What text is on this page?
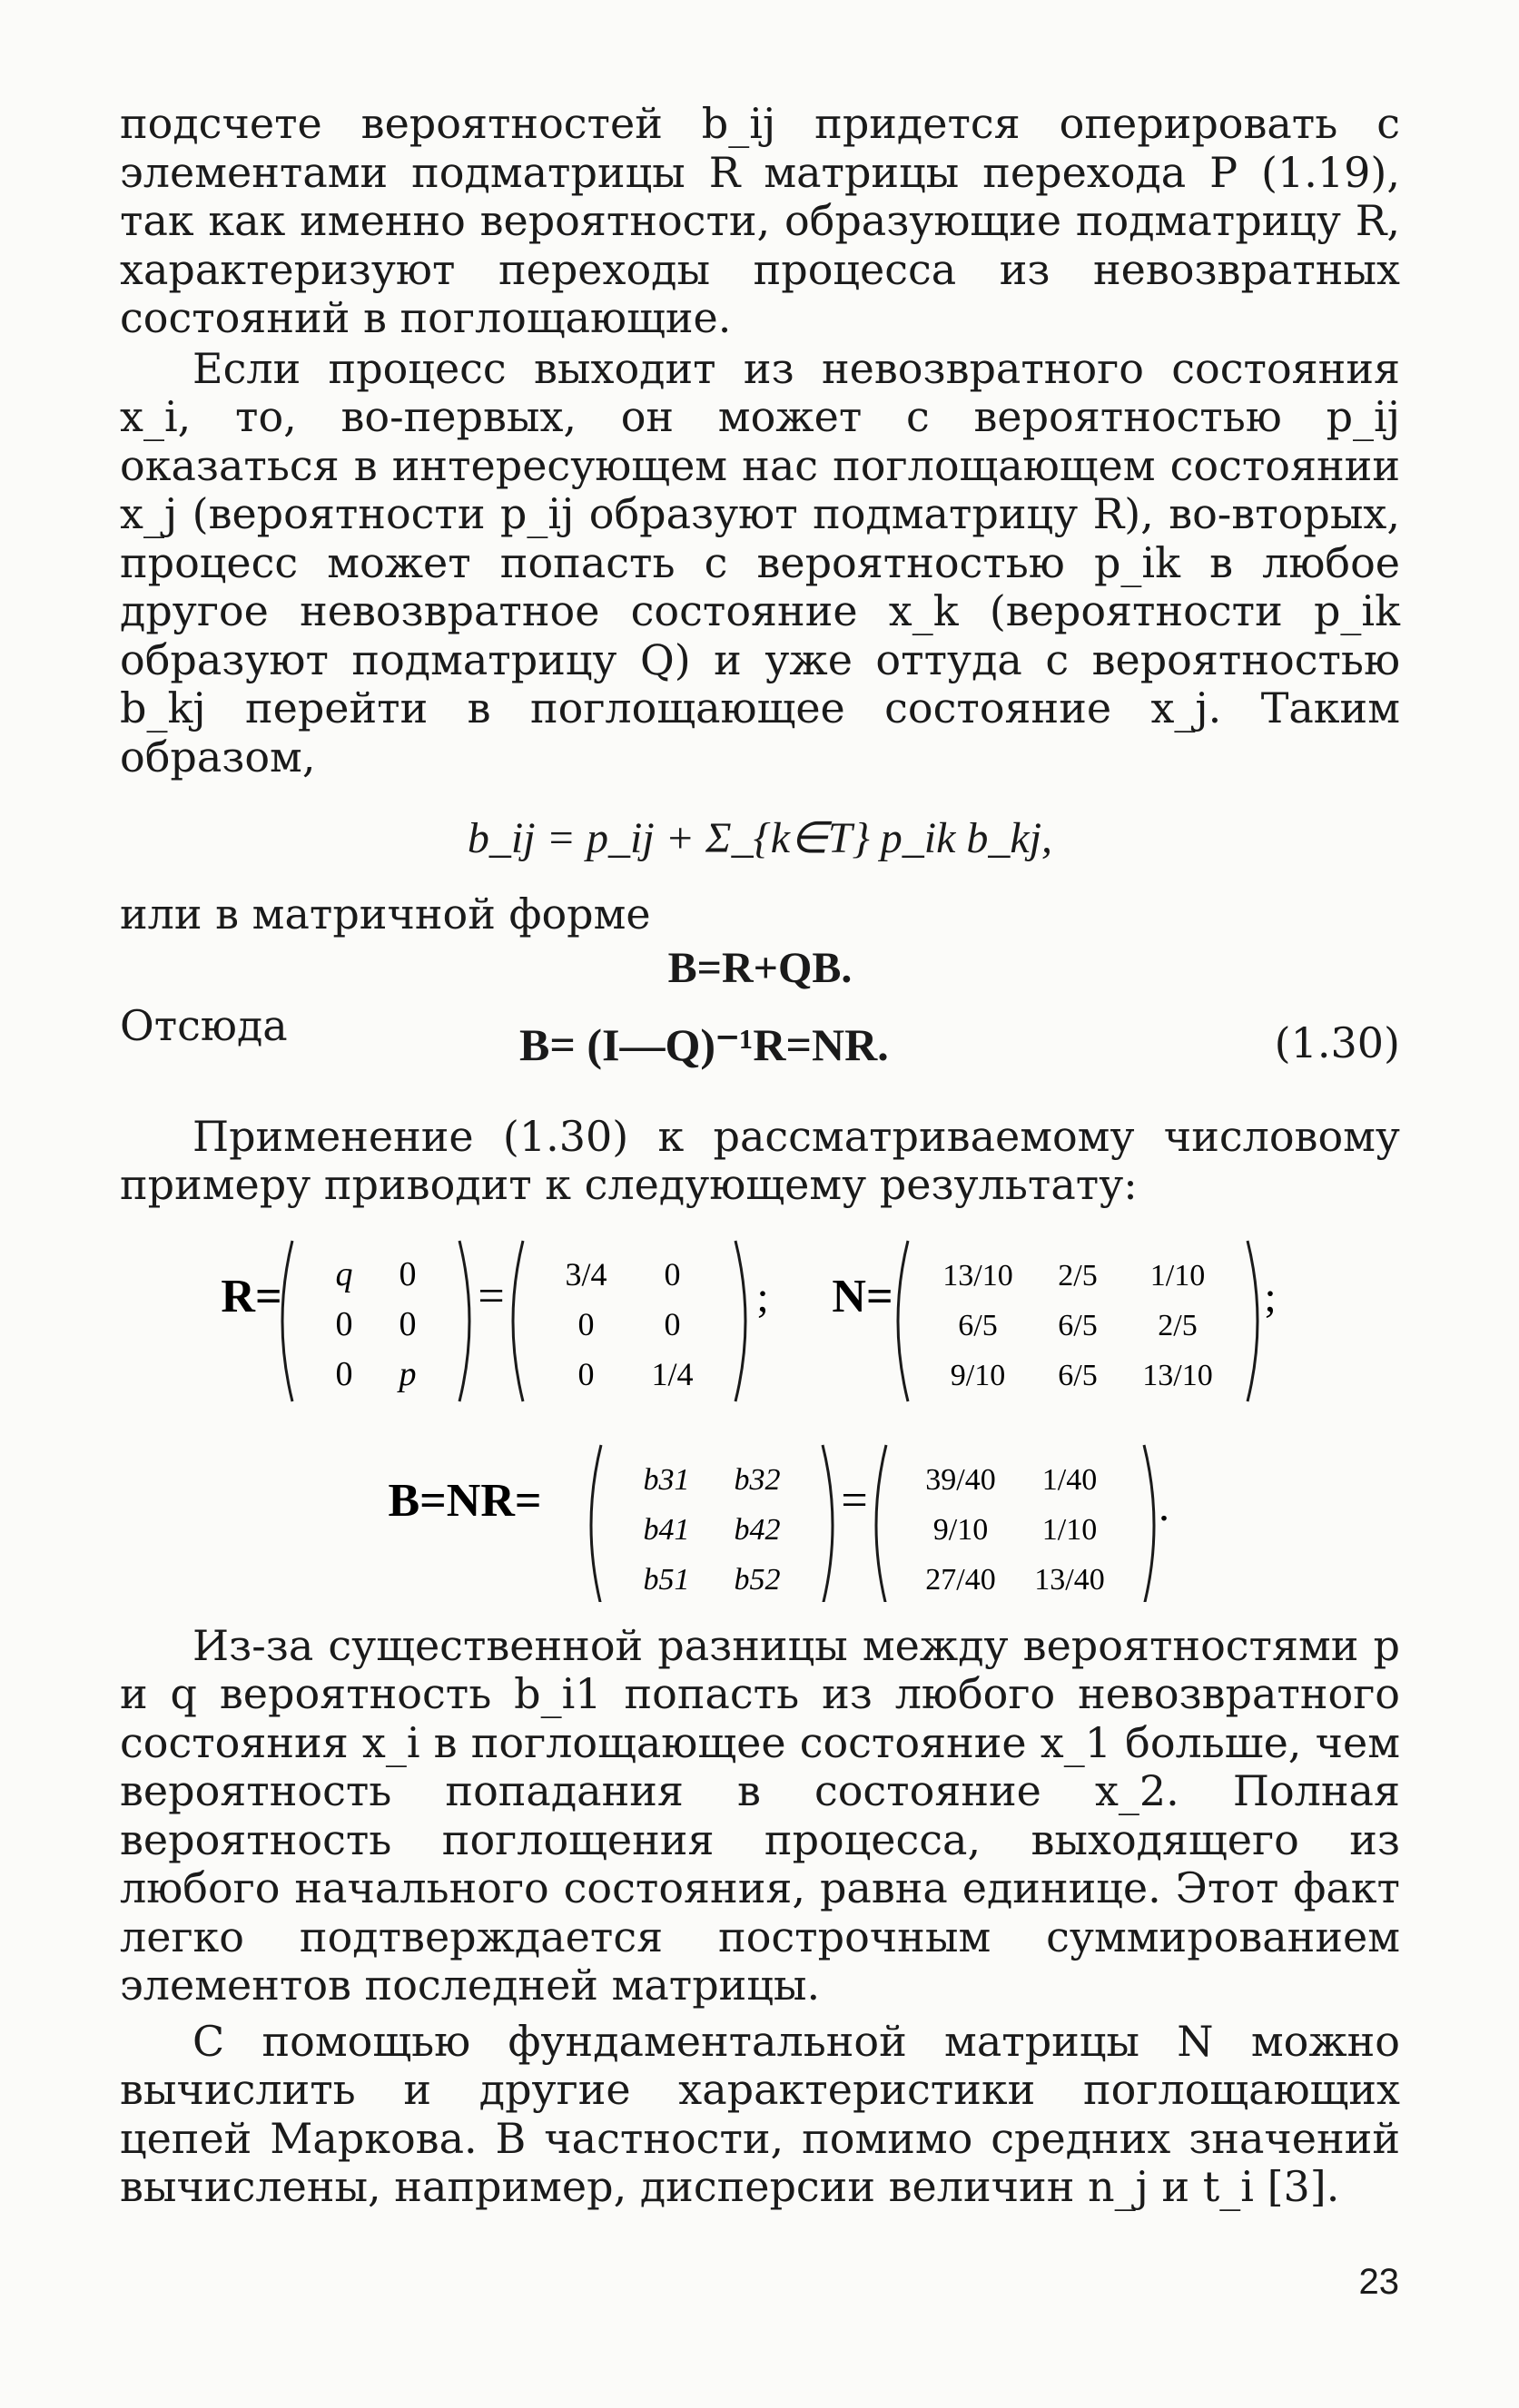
подсчете вероятностей b_ij придется оперировать с элементами подматрицы R матрицы перехода P (1.19), так как именно вероятности, образующие подматрицу R, характеризуют переходы процесса из невозвратных состояний в поглощающие.

Если процесс выходит из невозвратного состояния x_i, то, во-первых, он может с вероятностью p_ij оказаться в интересующем нас поглощающем состоянии x_j (вероятности p_ij образуют подматрицу R), во-вторых, процесс может попасть с вероятностью p_ik в любое другое невозвратное состояние x_k (вероятности p_ik образуют подматрицу Q) и уже оттуда с вероятностью b_kj перейти в поглощающее состояние x_j. Таким образом,

b_ij = p_ij + Σ_{k∈T} p_ik b_kj,
или в матричной форме
B=R+QB.
Отсюда	B= (I—Q)⁻¹R=NR.	(1.30)

Применение (1.30) к рассматриваемому числовому примеру приводит к следующему результату:

R= q 0
0 0
0 p
= 3/4 0
0 0
0 1/4
; N= 13/10 2/5 1/10
6/5 6/5 2/5
9/10 6/5 13/10
;
B=NR=	b31 b32
b41 b42
b51 b52
= 39/40 1/40
9/10 1/10
27/40 13/40
.

Из-за существенной разницы между вероятностями p и q вероятность b_i1 попасть из любого невозвратного состояния x_i в поглощающее состояние x_1 больше, чем вероятность попадания в состояние x_2. Полная вероятность поглощения процесса, выходящего из любого начального состояния, равна единице. Этот факт легко подтверждается построчным суммированием элементов последней матрицы.

С помощью фундаментальной матрицы N можно вычислить и другие характеристики поглощающих цепей Маркова. В частности, помимо средних значений вычислены, например, дисперсии величин n_j и t_i [3].

23
